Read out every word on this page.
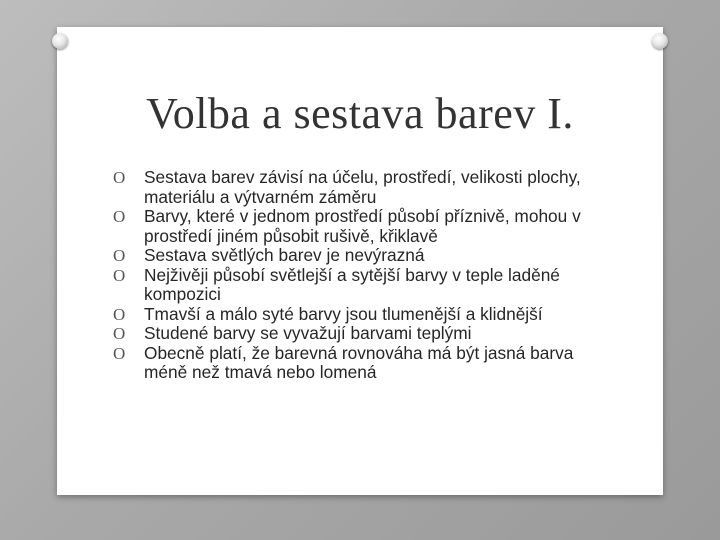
Volba a sestava barev I.
O Sestava barev závisí na účelu, prostředí, velikosti plochy, materiálu a výtvarném záměru
O Barvy, které v jednom prostředí působí příznivě, mohou v prostředí jiném působit rušivě, křiklavě
O Sestava světlých barev je nevýrazná
O Nejživěji působí světlejší a sytější barvy v teple laděné kompozici
O Tmavší a málo syté barvy jsou tlumenější a klidnější
O Studené barvy se vyvažují barvami teplými
O Obecně platí, že barevná rovnováha má být jasná barva méně než tmavá nebo lomená
